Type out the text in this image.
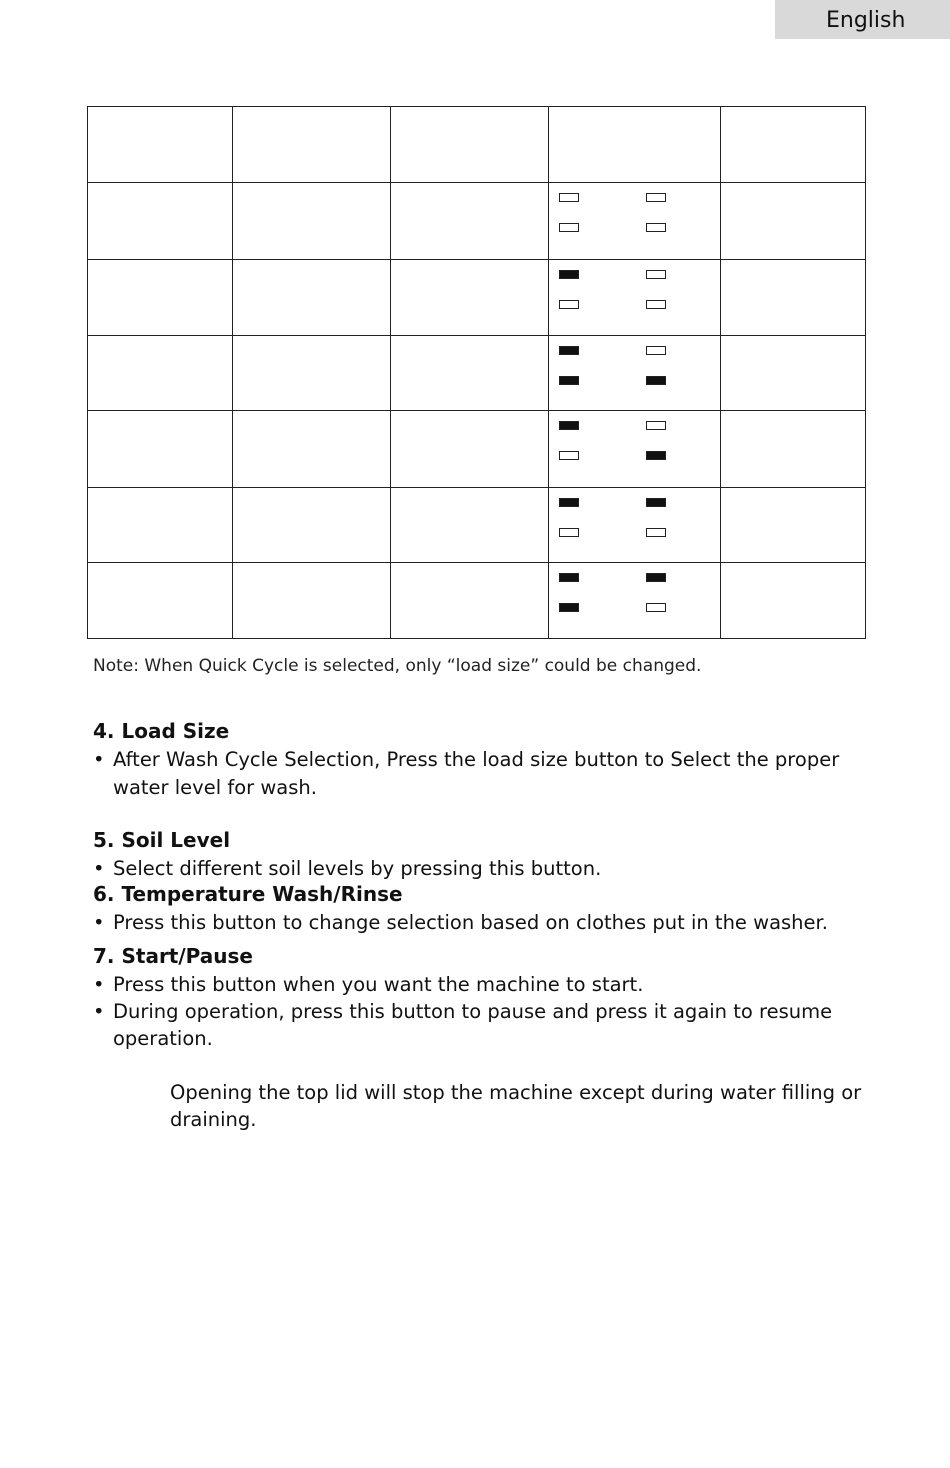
English

Note: When Quick Cycle is selected, only “load size” could be changed.
4. Load Size
• After Wash Cycle Selection, Press the load size button to Select the proper
water level for wash.
5. Soil Level
• Select different soil levels by pressing this button.
6. Temperature Wash/Rinse
• Press this button to change selection based on clothes put in the washer.
7. Start/Pause
• Press this button when you want the machine to start.
• During operation, press this button to pause and press it again to resume
operation.
Opening the top lid will stop the machine except during water filling or
draining.
